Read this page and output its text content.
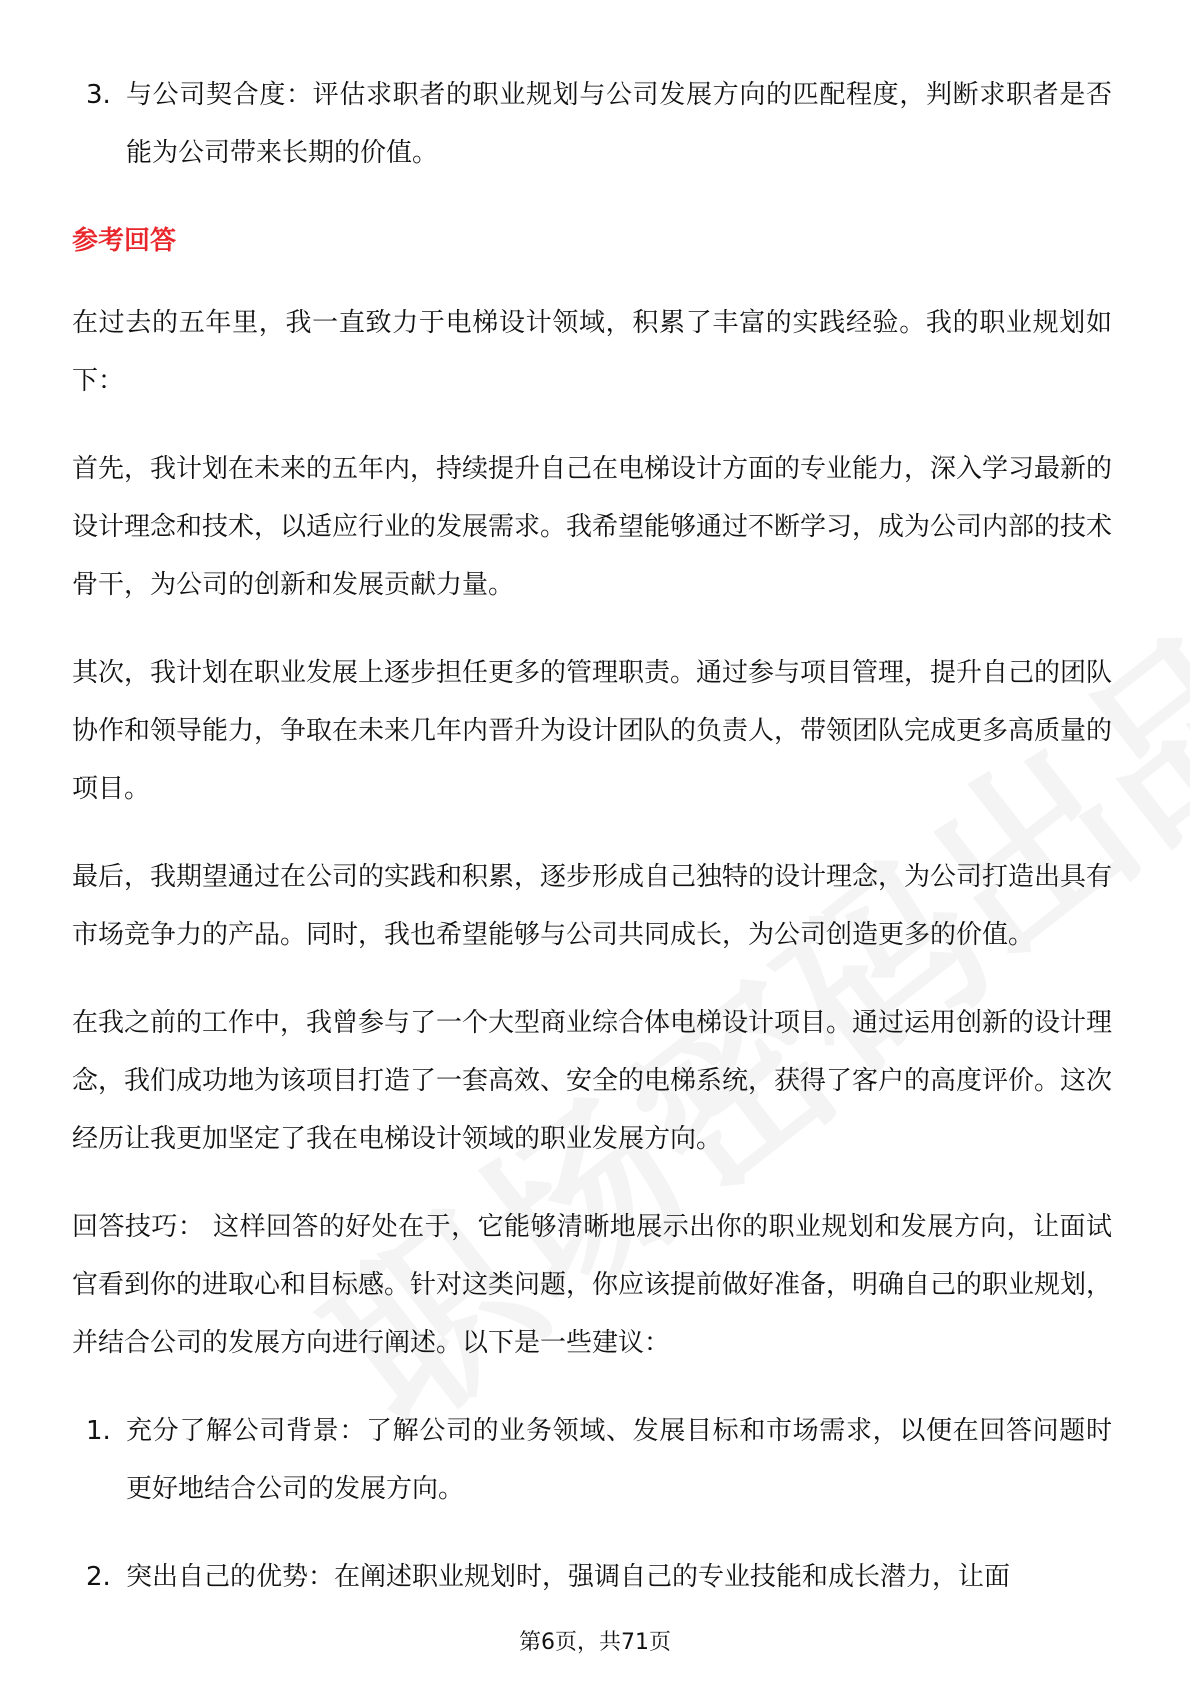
3. 与公司契合度：评估求职者的职业规划与公司发展方向的匹配程度，判断求职者是否能为公司带来长期的价值。
参考回答

在过去的五年里，我一直致力于电梯设计领域，积累了丰富的实践经验。我的职业规划如下：

首先，我计划在未来的五年内，持续提升自己在电梯设计方面的专业能力，深入学习最新的设计理念和技术，以适应行业的发展需求。我希望能够通过不断学习，成为公司内部的技术骨干，为公司的创新和发展贡献力量。

其次，我计划在职业发展上逐步担任更多的管理职责。通过参与项目管理，提升自己的团队协作和领导能力，争取在未来几年内晋升为设计团队的负责人，带领团队完成更多高质量的项目。

最后，我期望通过在公司的实践和积累，逐步形成自己独特的设计理念，为公司打造出具有市场竞争力的产品。同时，我也希望能够与公司共同成长，为公司创造更多的价值。

在我之前的工作中，我曾参与了一个大型商业综合体电梯设计项目。通过运用创新的设计理念，我们成功地为该项目打造了一套高效、安全的电梯系统，获得了客户的高度评价。这次经历让我更加坚定了我在电梯设计领域的职业发展方向。

回答技巧： 这样回答的好处在于，它能够清晰地展示出你的职业规划和发展方向，让面试官看到你的进取心和目标感。针对这类问题，你应该提前做好准备，明确自己的职业规划，并结合公司的发展方向进行阐述。以下是一些建议：

1. 充分了解公司背景：了解公司的业务领域、发展目标和市场需求，以便在回答问题时更好地结合公司的发展方向。
2. 突出自己的优势：在阐述职业规划时，强调自己的专业技能和成长潜力，让面
第6页，共71页
